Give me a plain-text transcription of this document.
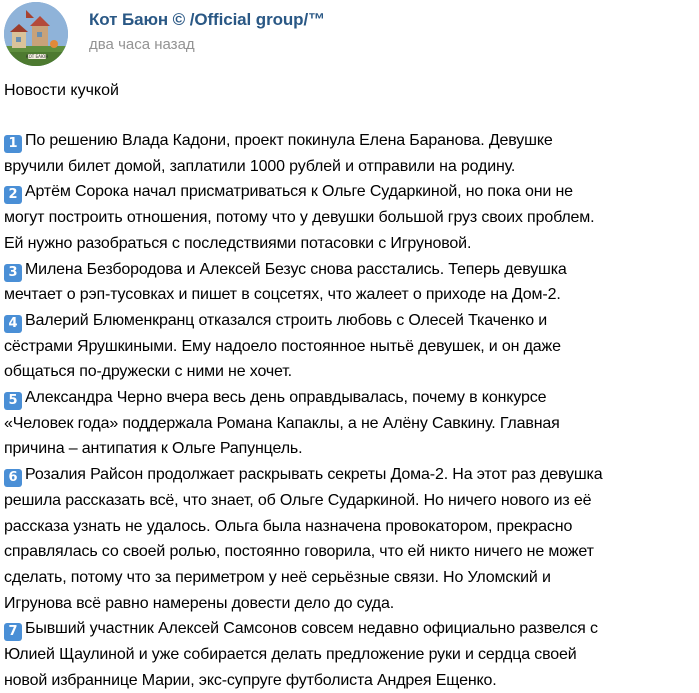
КОТ БАЮН
Кот Баюн © /Official group/™
два часа назад
Новости кучкой
1 По решению Влада Кадони, проект покинула Елена Баранова. Девушке
вручили билет домой, заплатили 1000 рублей и отправили на родину.
2 Артём Сорока начал присматриваться к Ольге Сударкиной, но пока они не
могут построить отношения, потому что у девушки большой груз своих проблем.
Ей нужно разобраться с последствиями потасовки с Игруновой.
3 Милена Безбородова и Алексей Безус снова расстались. Теперь девушка
мечтает о рэп-тусовках и пишет в соцсетях, что жалеет о приходе на Дом-2.
4 Валерий Блюменкранц отказался строить любовь с Олесей Ткаченко и
сёстрами Ярушкиными. Ему надоело постоянное нытьё девушек, и он даже
общаться по-дружески с ними не хочет.
5 Александра Черно вчера весь день оправдывалась, почему в конкурсе
«Человек года» поддержала Романа Капаклы, а не Алёну Савкину. Главная
причина – антипатия к Ольге Рапунцель.
6 Розалия Райсон продолжает раскрывать секреты Дома-2. На этот раз девушка
решила рассказать всё, что знает, об Ольге Сударкиной. Но ничего нового из её
рассказа узнать не удалось. Ольга была назначена провокатором, прекрасно
справлялась со своей ролью, постоянно говорила, что ей никто ничего не может
сделать, потому что за периметром у неё серьёзные связи. Но Уломский и
Игрунова всё равно намерены довести дело до суда.
7 Бывший участник Алексей Самсонов совсем недавно официально развелся с
Юлией Щаулиной и уже собирается делать предложение руки и сердца своей
новой избраннице Марии, экс-супруге футболиста Андрея Ещенко.
